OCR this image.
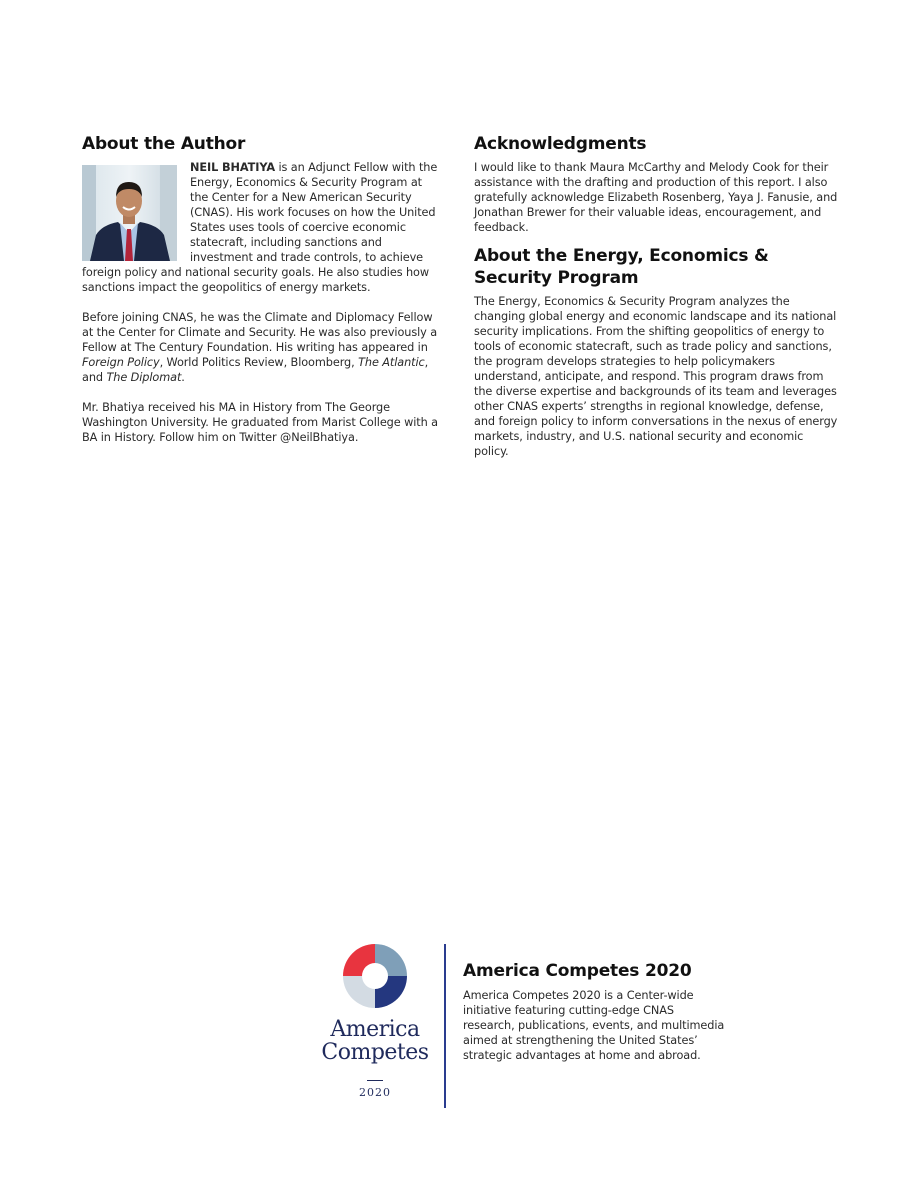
About the Author

NEIL BHATIYA is an Adjunct Fellow with the Energy, Economics & Security Program at the Center for a New American Security (CNAS). His work focuses on how the United States uses tools of coercive economic statecraft, including sanctions and investment and trade controls, to achieve foreign policy and national security goals. He also studies how sanctions impact the geopolitics of energy markets.

Before joining CNAS, he was the Climate and Diplomacy Fellow at the Center for Climate and Security. He was also previously a Fellow at The Century Foundation. His writing has appeared in Foreign Policy, World Politics Review, Bloomberg, The Atlantic, and The Diplomat.

Mr. Bhatiya received his MA in History from The George Washington University. He graduated from Marist College with a BA in History. Follow him on Twitter @NeilBhatiya.

Acknowledgments

I would like to thank Maura McCarthy and Melody Cook for their assistance with the drafting and production of this report. I also gratefully acknowledge Elizabeth Rosenberg, Yaya J. Fanusie, and Jonathan Brewer for their valuable ideas, encouragement, and feedback.

About the Energy, Economics & Security Program

The Energy, Economics & Security Program analyzes the changing global energy and economic landscape and its national security implications. From the shifting geopolitics of energy to tools of economic statecraft, such as trade policy and sanctions, the program develops strategies to help policymakers understand, anticipate, and respond. This program draws from the diverse expertise and backgrounds of its team and leverages other CNAS experts’ strengths in regional knowledge, defense, and foreign policy to inform conversations in the nexus of energy markets, industry, and U.S. national security and economic policy.

America
Competes
2020
America Competes 2020

America Competes 2020 is a Center-wide initiative featuring cutting-edge CNAS research, publications, events, and multimedia aimed at strengthening the United States’ strategic advantages at home and abroad.
